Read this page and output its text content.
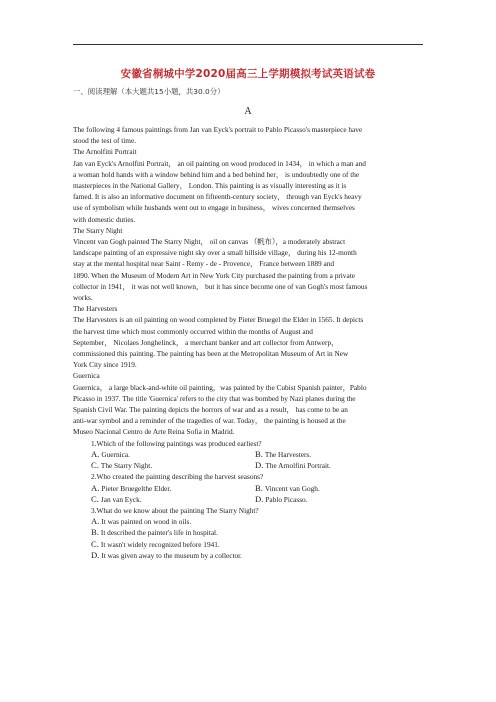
安徽省桐城中学2020届高三上学期模拟考试英语试卷
一、阅读理解（本大题共15小题，共30.0分）
A

The following 4 famous paintings from Jan van Eyck's portrait to Pablo Picasso's masterpiece have

stood the test of time.

The Arnolfini Portrait

Jan van Eyck's Arnolfini Portrait， an oil painting on wood produced in 1434， in which a man and

a woman hold hands with a window behind him and a bed behind her， is undoubtedly one of the

masterpieces in the National Gallery， London. This painting is as visually interesting as it is

famed. It is also an informative document on fifteenth-century society， through van Eyck's heavy

use of symbolism while husbands went out to engage in business， wives concerned themselves

with domestic duties.

The Starry Night

Vincent van Gogh painted The Starry Night， oil on canvas （帆布），a moderately abstract

landscape painting of an expressive night sky over a small hillside village， during his 12-month

stay at the mental hospital near Saint - Remy - de - Provence， France between 1889 and

1890. When the Museum of Modern Art in New York City purchased the painting from a private

collector in 1941， it was not well known， but it has since become one of van Gogh's most famous

works.

The Harvesters

The Harvesters is an oil painting on wood completed by Pieter Bruegel the Elder in 1565. It depicts

the harvest time which most commonly occurred within the months of August and

September， Nicolaes Jonghelinck， a merchant banker and art collector from Antwerp，

commissioned this painting. The painting has been at the Metropolitan Museum of Art in New

York City since 1919.

Guernica

Guernica， a large black-and-white oil painting，was painted by the Cubist Spanish painter，Pablo

Picasso in 1937. The title 'Guernica' refers to the city that was bombed by Nazi planes during the

Spanish Civil War. The painting depicts the horrors of war and as a result， has come to be an

anti-war symbol and a reminder of the tragedies of war. Today， the painting is housed at the

Museo Nacional Centro de Arte Reina Sofia in Madrid.

1.Which of the following paintings was produced earliest?

A. Guernica.	B. The Harvesters.
C. The Starry Night.	D. The Arnolfini Portrait.

2.Who created the painting describing the harvest seasons?

A. Pieter Bruegelthe Elder.	B. Vincent van Gogh.
C. Jan van Eyck.	D. Pablo Picasso.

3.What do we know about the painting The Starry Night?

A. It was painted on wood in oils.
B. It described the painter's life in hospital.
C. It wasn't widely recognized before 1941.
D. It was given away to the museum by a collector.
